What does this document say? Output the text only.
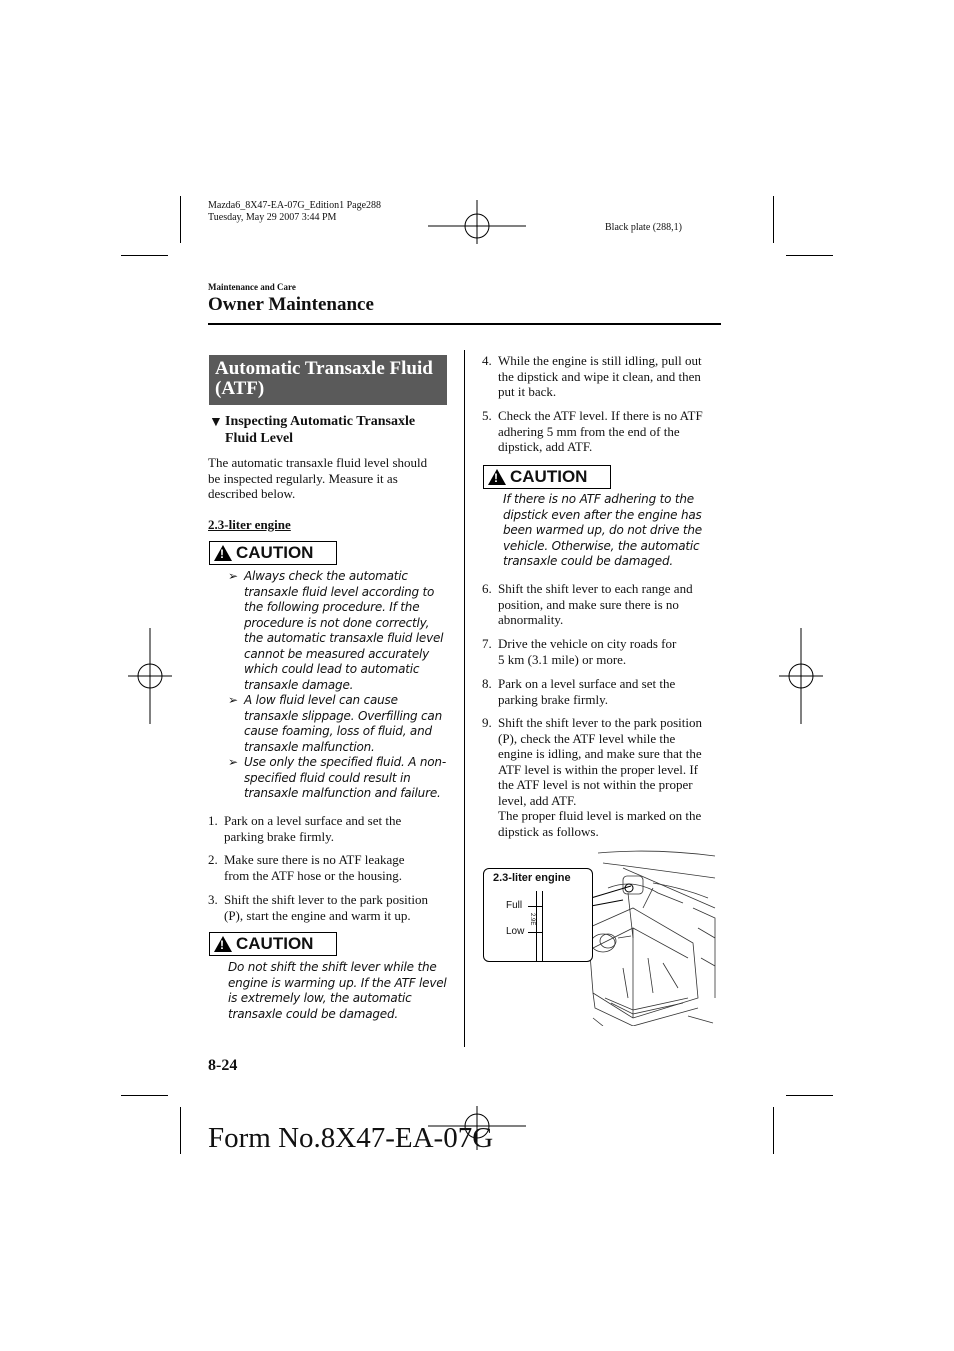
Mazda6_8X47-EA-07G_Edition1 Page288
Tuesday, May 29 2007 3:44 PM
Black plate (288,1)
Maintenance and Care
Owner Maintenance
Automatic Transaxle Fluid
(ATF)
▼ Inspecting Automatic Transaxle
Fluid Level
The automatic transaxle fluid level should
be inspected regularly. Measure it as
described below.
2.3-liter engine
!
CAUTION
➢ Always check the automatic
transaxle fluid level according to
the following procedure. If the
procedure is not done correctly,
the automatic transaxle fluid level
cannot be measured accurately
which could lead to automatic
transaxle damage.
➢ A low fluid level can cause
transaxle slippage. Overfilling can
cause foaming, loss of fluid, and
transaxle malfunction.
➢ Use only the specified fluid. A non-
specified fluid could result in
transaxle malfunction and failure.
1. Park on a level surface and set the
parking brake firmly.
2. Make sure there is no ATF leakage
from the ATF hose or the housing.
3. Shift the shift lever to the park position
(P), start the engine and warm it up.
!
CAUTION
Do not shift the shift lever while the
engine is warming up. If the ATF level
is extremely low, the automatic
transaxle could be damaged.
4. While the engine is still idling, pull out
the dipstick and wipe it clean, and then
put it back.
5. Check the ATF level. If there is no ATF
adhering 5 mm from the end of the
dipstick, add ATF.
!
CAUTION
If there is no ATF adhering to the
dipstick even after the engine has
been warmed up, do not drive the
vehicle. Otherwise, the automatic
transaxle could be damaged.
6. Shift the shift lever to each range and
position, and make sure there is no
abnormality.
7. Drive the vehicle on city roads for
5 km (3.1 mile) or more.
8. Park on a level surface and set the
parking brake firmly.
9. Shift the shift lever to the park position
(P), check the ATF level while the
engine is idling, and make sure that the
ATF level is within the proper level. If
the ATF level is not within the proper
level, add ATF.
The proper fluid level is marked on the
dipstick as follows.
2.3-liter engine
Full
Low
2.9E
8-24
Form No.8X47-EA-07G
